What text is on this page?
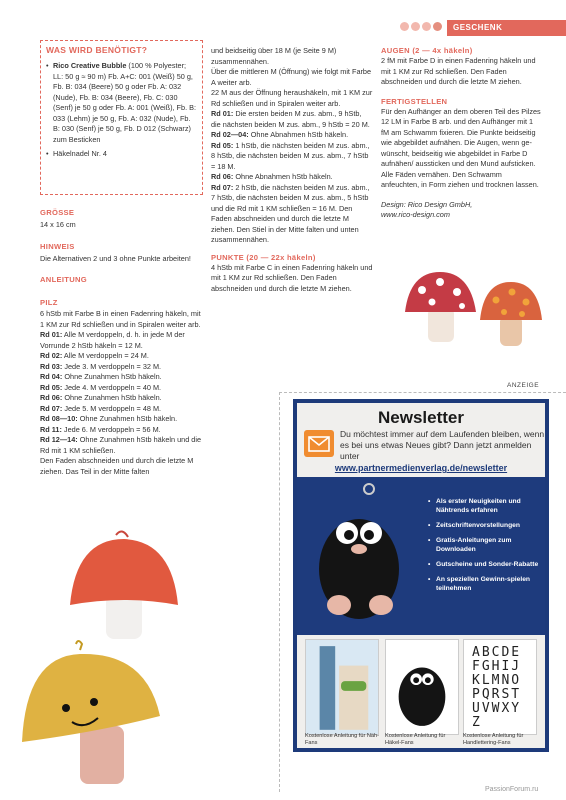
GESCHENK
WAS WIRD BENÖTIGT?
• Rico Creative Bubble (100 % Polyester; LL: 50 g ≈ 90 m) Fb. A+C: 001 (Weiß) 50 g, Fb. B: 034 (Beere) 50 g oder Fb. A: 032 (Nude), Fb. B: 034 (Beere), Fb. C: 030 (Senf) je 50 g oder Fb. A: 001 (Weiß), Fb. B: 033 (Lehm) je 50 g, Fb. A: 032 (Nude), Fb. B: 030 (Senf) je 50 g, Fb. D 012 (Schwarz) zum Besticken
• Häkelnadel Nr. 4
GRÖSSE
14 x 16 cm
HINWEIS
Die Alternativen 2 und 3 ohne Punkte arbeiten!
ANLEITUNG
PILZ
6 hStb mit Farbe B in einen Fadenring häkeln, mit 1 KM zur Rd schließen und in Spiralen weiter arb.
Rd 01: Alle M verdoppeln, d. h. in jede M der Vorrunde 2 hStb häkeln = 12 M.
Rd 02: Alle M verdoppeln = 24 M.
Rd 03: Jede 3. M verdoppeln = 32 M.
Rd 04: Ohne Zunahmen hStb häkeln.
Rd 05: Jede 4. M verdoppeln = 40 M.
Rd 06: Ohne Zunahmen hStb häkeln.
Rd 07: Jede 5. M verdoppeln = 48 M.
Rd 08—10: Ohne Zunahmen hStb häkeln.
Rd 11: Jede 6. M verdoppeln = 56 M.
Rd 12—14: Ohne Zunahmen hStb häkeln und die Rd mit 1 KM schließen.
Den Faden abschneiden und durch die letzte M ziehen. Das Teil in der Mitte falten
und beidseitig über 18 M (je Seite 9 M) zusammennähen.
Über die mittleren M (Öffnung) wie folgt mit Farbe A weiter arb.
22 M aus der Öffnung heraushäkeln, mit 1 KM zur Rd schließen und in Spiralen weiter arb.
Rd 01: Die ersten beiden M zus. abm., 9 hStb, die nächsten beiden M zus. abm., 9 hStb = 20 M.
Rd 02—04: Ohne Abnahmen hStb häkeln.
Rd 05: 1 hStb, die nächsten beiden M zus. abm., 8 hStb, die nächsten beiden M zus. abm., 7 hStb = 18 M.
Rd 06: Ohne Abnahmen hStb häkeln.
Rd 07: 2 hStb, die nächsten beiden M zus. abm., 7 hStb, die nächsten beiden M zus. abm., 5 hStb und die Rd mit 1 KM schließen = 16 M. Den Faden abschneiden und durch die letzte M
ziehen. Den Stiel in der Mitte falten und unten zusammennähen.
PUNKTE (20 — 22x häkeln)
4 hStb mit Farbe C in einen Fadenring häkeln und mit 1 KM zur Rd schließen. Den Faden abschneiden und durch die letzte M ziehen.
AUGEN (2 — 4x häkeln)
2 fM mit Farbe D in einen Fadenring häkeln und mit 1 KM zur Rd schließen. Den Faden abschneiden und durch die letzte M ziehen.
FERTIGSTELLEN
Für den Aufhänger an dem oberen Teil des Pilzes 12 LM in Farbe B arb. und den Aufhänger mit 1 fM am Schwamm fixieren. Die Punkte beidseitig wie abgebildet aufnähen. Die Augen, wenn ge-wünscht, beidseitig wie abgebildet in Farbe D aufnähen/ aussticken und den Mund aufsticken. Alle Fäden vernähen. Den Schwamm anfeuchten, in Form ziehen und trocknen lassen.
Design: Rico Design GmbH,
www.rico-design.com
ANZEIGE
Newsletter
Du möchtest immer auf dem Laufenden bleiben, wenn es bei uns etwas Neues gibt? Dann jetzt anmelden unter
www.partnermedienverlag.de/newsletter
• Als erster Neuigkeiten und Nähtrends erfahren
• Zeitschriftenvorstellungen
• Gratis-Anleitungen zum Downloaden
• Gutscheine und Sonder-Rabatte
• An speziellen Gewinn-spielen teilnehmen
ABCDEFGHIJKLMNOPQRSTUVWXYZ
Kostenlose Anleitung für Näh-Fans
Kostenlose Anleitung für Häkel-Fans
Kostenlose Anleitung für Handlettering-Fans
PassionForum.ru
